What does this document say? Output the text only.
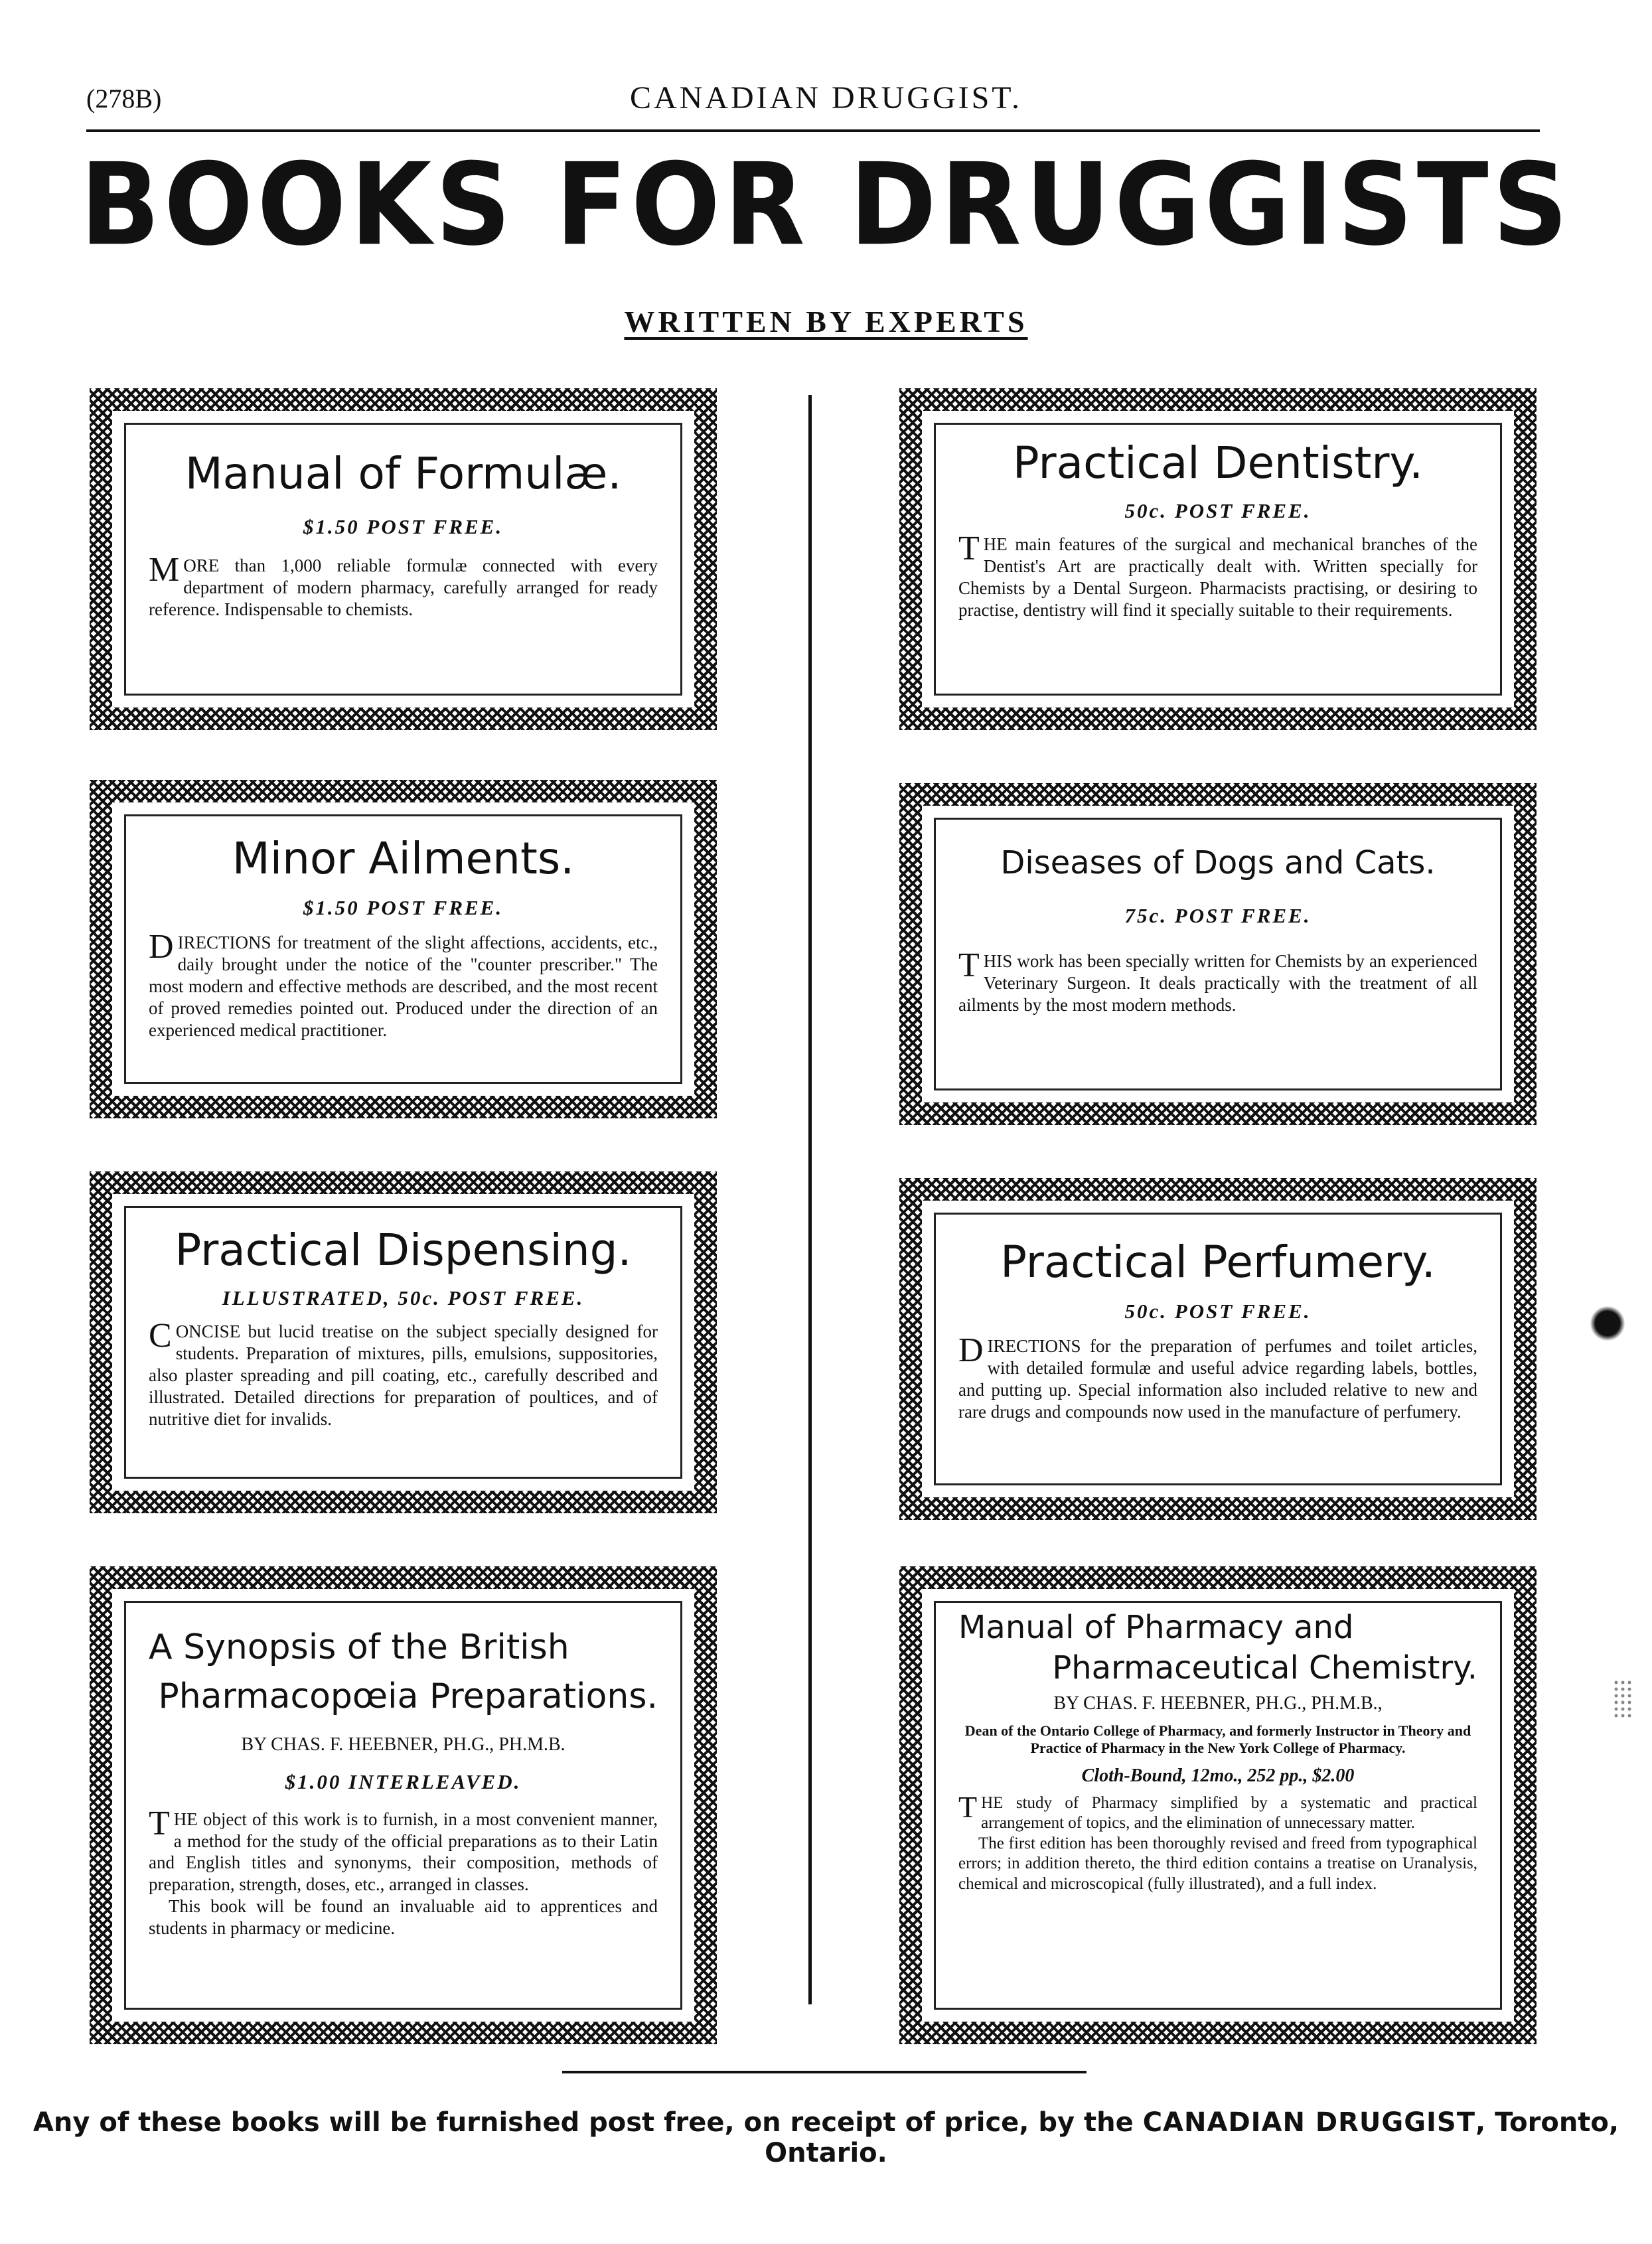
(278B)	CANADIAN DRUGGIST.
BOOKS FOR DRUGGISTS
WRITTEN BY EXPERTS
Manual of Formulæ.
$1.50 POST FREE.
MORE than 1,000 reliable formulæ connected with every department of modern pharmacy, carefully arranged for ready reference. Indispensable to chemists.
Minor Ailments.
$1.50 POST FREE.
DIRECTIONS for treatment of the slight affections, accidents, etc., daily brought under the notice of the "counter prescriber." The most modern and effective methods are described, and the most recent of proved remedies pointed out. Produced under the direction of an experienced medical practitioner.
Practical Dispensing.
ILLUSTRATED, 50c. POST FREE.
CONCISE but lucid treatise on the subject specially designed for students. Preparation of mixtures, pills, emulsions, suppositories, also plaster spreading and pill coating, etc., carefully described and illustrated. Detailed directions for preparation of poultices, and of nutritive diet for invalids.
A Synopsis of the British
Pharmacopœia Preparations.
BY CHAS. F. HEEBNER, PH.G., PH.M.B.
$1.00 INTERLEAVED.
THE object of this work is to furnish, in a most convenient manner, a method for the study of the official preparations as to their Latin and English titles and synonyms, their composition, methods of preparation, strength, doses, etc., arranged in classes.
This book will be found an invaluable aid to apprentices and students in pharmacy or medicine.
Practical Dentistry.
50c. POST FREE.
THE main features of the surgical and mechanical branches of the Dentist's Art are practically dealt with. Written specially for Chemists by a Dental Surgeon. Pharmacists practising, or desiring to practise, dentistry will find it specially suitable to their requirements.
Diseases of Dogs and Cats.
75c. POST FREE.
THIS work has been specially written for Chemists by an experienced Veterinary Surgeon. It deals practically with the treatment of all ailments by the most modern methods.
Practical Perfumery.
50c. POST FREE.
DIRECTIONS for the preparation of perfumes and toilet articles, with detailed formulæ and useful advice regarding labels, bottles, and putting up. Special information also included relative to new and rare drugs and compounds now used in the manufacture of perfumery.
Manual of Pharmacy and
Pharmaceutical Chemistry.
BY CHAS. F. HEEBNER, PH.G., PH.M.B.,
Dean of the Ontario College of Pharmacy, and formerly Instructor in Theory and Practice of Pharmacy in the New York College of Pharmacy.
Cloth-Bound, 12mo., 252 pp., $2.00
THE study of Pharmacy simplified by a systematic and practical arrangement of topics, and the elimination of unnecessary matter.
The first edition has been thoroughly revised and freed from typographical errors; in addition thereto, the third edition contains a treatise on Uranalysis, chemical and microscopical (fully illustrated), and a full index.
Any of these books will be furnished post free, on receipt of price, by the CANADIAN DRUGGIST, Toronto, Ontario.
